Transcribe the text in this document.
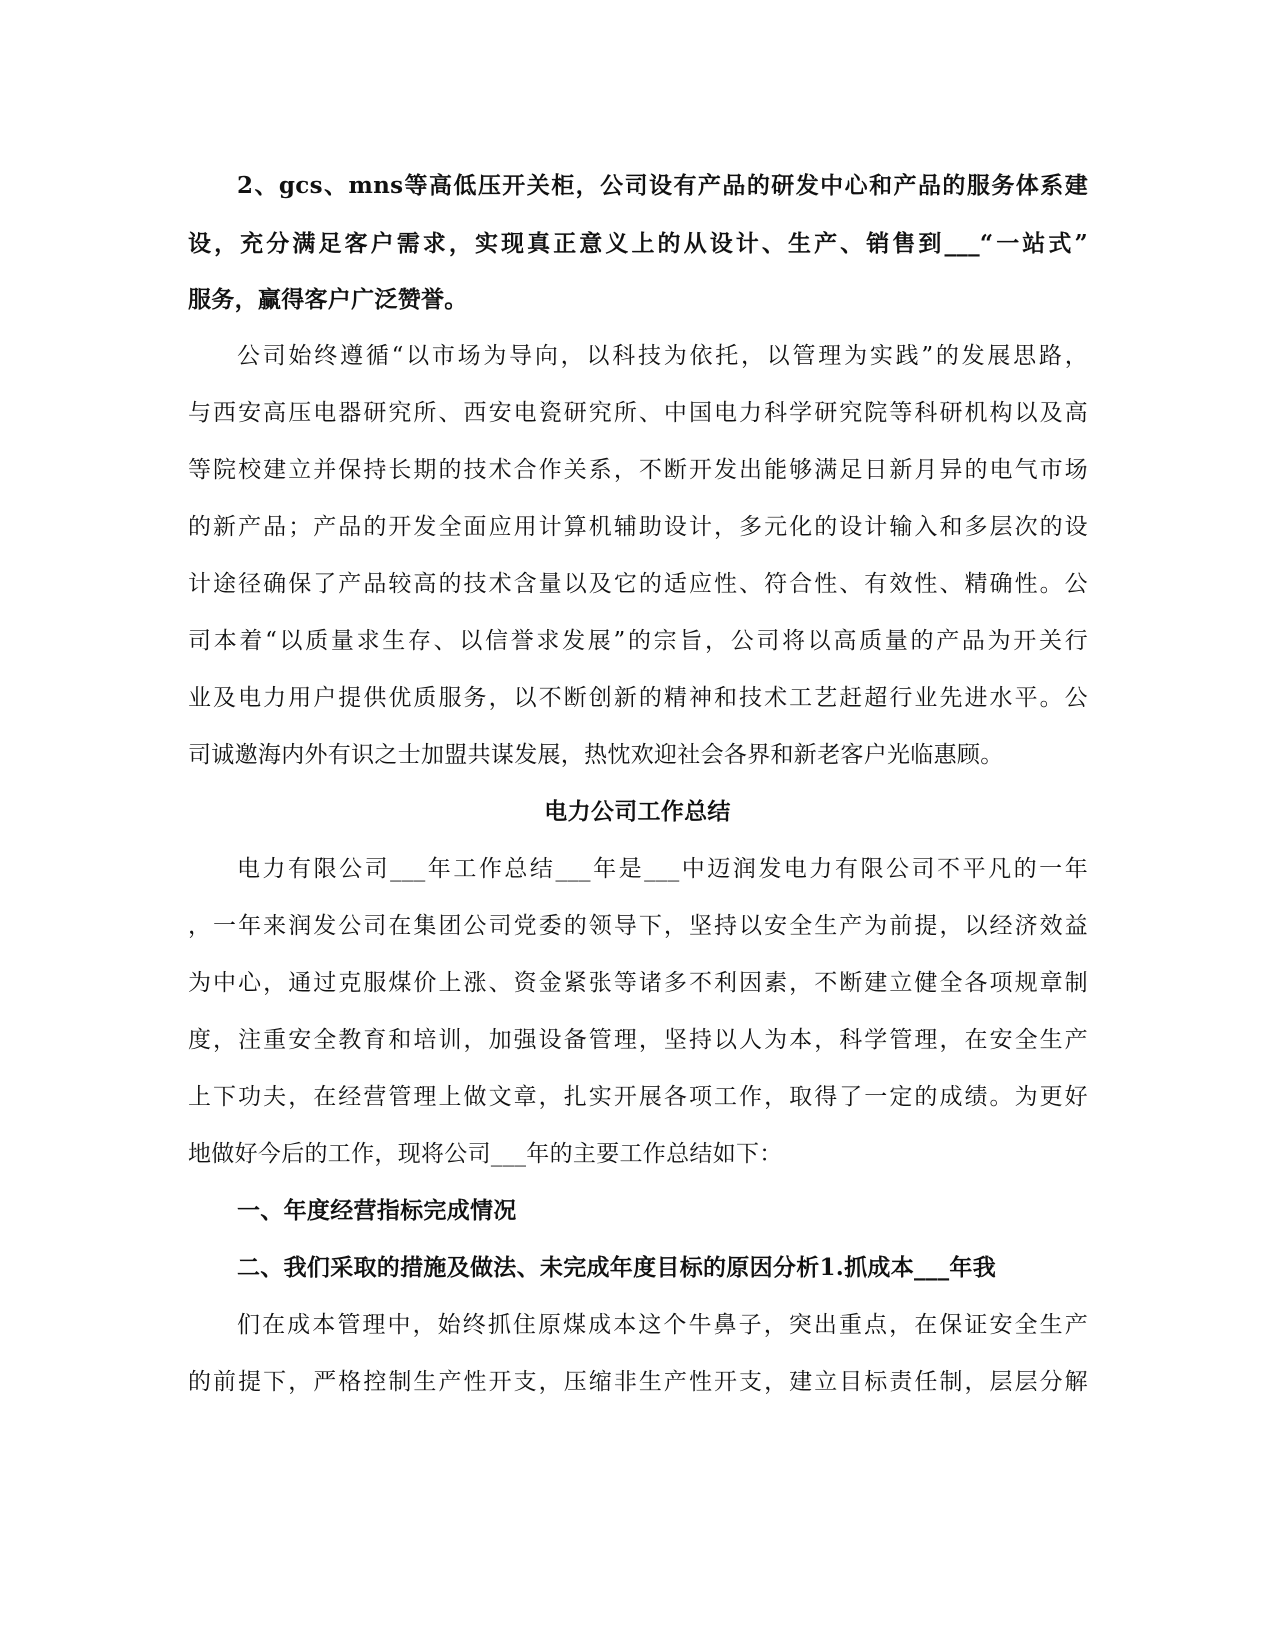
2、gcs、mns等高低压开关柜，公司设有产品的研发中心和产品的服务体系建
设，充分满足客户需求，实现真正意义上的从设计、生产、销售到___“一站式”
服务，赢得客户广泛赞誉。
公司始终遵循“以市场为导向，以科技为依托，以管理为实践”的发展思路，
与西安高压电器研究所、西安电瓷研究所、中国电力科学研究院等科研机构以及高
等院校建立并保持长期的技术合作关系，不断开发出能够满足日新月异的电气市场
的新产品；产品的开发全面应用计算机辅助设计，多元化的设计输入和多层次的设
计途径确保了产品较高的技术含量以及它的适应性、符合性、有效性、精确性。公
司本着“以质量求生存、以信誉求发展”的宗旨，公司将以高质量的产品为开关行
业及电力用户提供优质服务，以不断创新的精神和技术工艺赶超行业先进水平。公
司诚邀海内外有识之士加盟共谋发展，热忱欢迎社会各界和新老客户光临惠顾。
电力公司工作总结
电力有限公司___年工作总结___年是___中迈润发电力有限公司不平凡的一年
，一年来润发公司在集团公司党委的领导下，坚持以安全生产为前提，以经济效益
为中心，通过克服煤价上涨、资金紧张等诸多不利因素，不断建立健全各项规章制
度，注重安全教育和培训，加强设备管理，坚持以人为本，科学管理，在安全生产
上下功夫，在经营管理上做文章，扎实开展各项工作，取得了一定的成绩。为更好
地做好今后的工作，现将公司___年的主要工作总结如下：
一、年度经营指标完成情况
二、我们采取的措施及做法、未完成年度目标的原因分析1.抓成本___年我
们在成本管理中，始终抓住原煤成本这个牛鼻子，突出重点，在保证安全生产
的前提下，严格控制生产性开支，压缩非生产性开支，建立目标责任制，层层分解
